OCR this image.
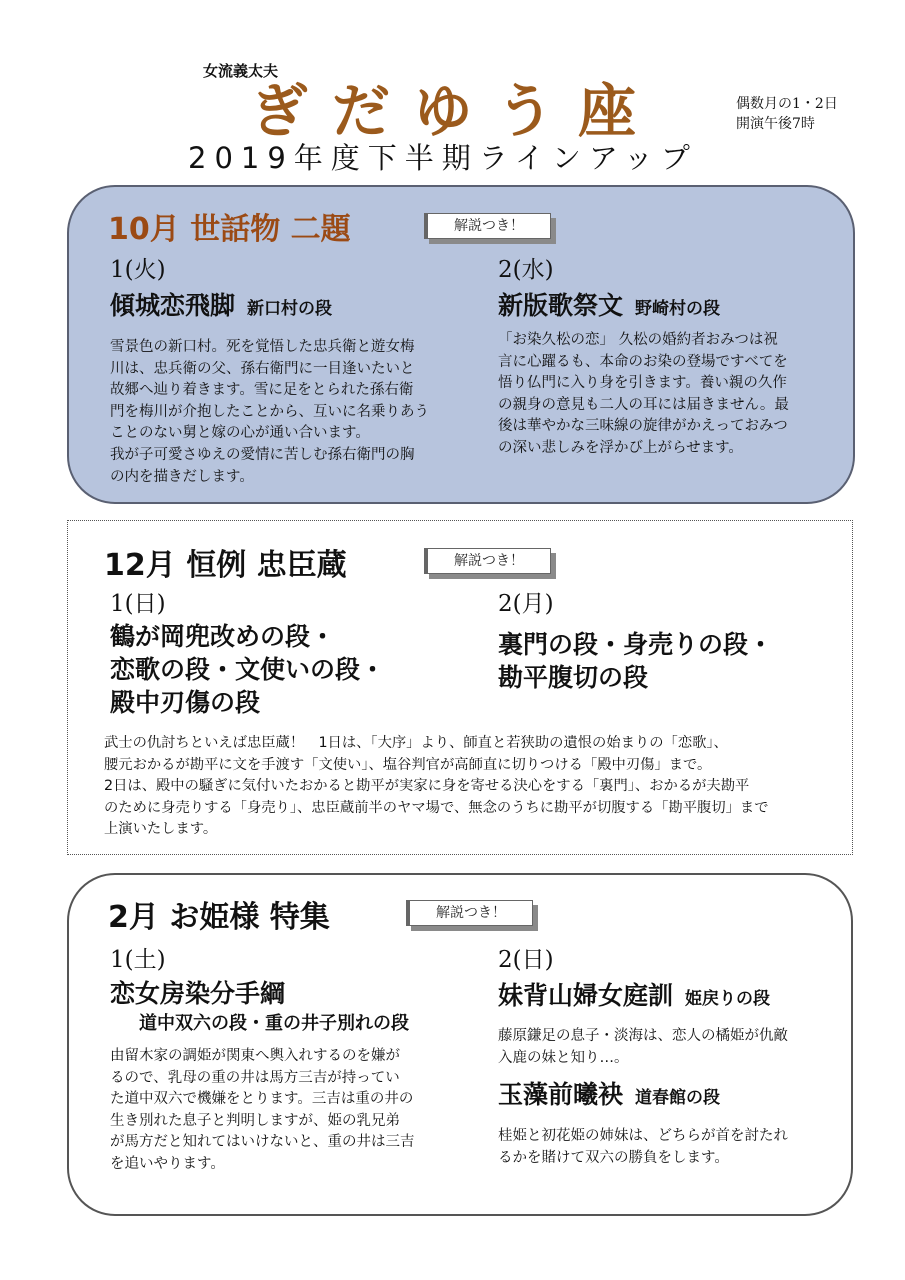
女流義太夫
ぎだゆう座
2019年度下半期ラインアップ
偶数月の1・2日
開演午後7時
10月 世話物 二題	解説つき！
1(火)
傾城恋飛脚 新口村の段
雪景色の新口村。死を覚悟した忠兵衛と遊女梅
川は、忠兵衛の父、孫右衛門に一目逢いたいと
故郷へ辿り着きます。雪に足をとられた孫右衛
門を梅川が介抱したことから、互いに名乗りあう
ことのない舅と嫁の心が通い合います。
我が子可愛さゆえの愛情に苦しむ孫右衛門の胸
の内を描きだします。
2(水)
新版歌祭文 野崎村の段
「お染久松の恋」 久松の婚約者おみつは祝
言に心躍るも、本命のお染の登場ですべてを
悟り仏門に入り身を引きます。養い親の久作
の親身の意見も二人の耳には届きません。最
後は華やかな三味線の旋律がかえっておみつ
の深い悲しみを浮かび上がらせます。
12月 恒例 忠臣蔵	解説つき！
1(日)
鶴が岡兜改めの段・
恋歌の段・文使いの段・
殿中刃傷の段
2(月)
裏門の段・身売りの段・
勘平腹切の段
武士の仇討ちといえば忠臣蔵！　1日は、「大序」より、師直と若狭助の遺恨の始まりの「恋歌」、
腰元おかるが勘平に文を手渡す「文使い」、塩谷判官が高師直に切りつける「殿中刃傷」まで。
2日は、殿中の騒ぎに気付いたおかると勘平が実家に身を寄せる決心をする「裏門」、おかるが夫勘平
のために身売りする「身売り」、忠臣蔵前半のヤマ場で、無念のうちに勘平が切腹する「勘平腹切」まで
上演いたします。
2月 お姫様 特集	解説つき！
1(土)
恋女房染分手綱
道中双六の段・重の井子別れの段
由留木家の調姫が関東へ輿入れするのを嫌が
るので、乳母の重の井は馬方三吉が持ってい
た道中双六で機嫌をとります。三吉は重の井の
生き別れた息子と判明しますが、姫の乳兄弟
が馬方だと知れてはいけないと、重の井は三吉
を追いやります。
2(日)
妹背山婦女庭訓 姫戻りの段
藤原鎌足の息子・淡海は、恋人の橘姫が仇敵
入鹿の妹と知り…。
玉藻前曦袂 道春館の段
桂姫と初花姫の姉妹は、どちらが首を討たれ
るかを賭けて双六の勝負をします。
